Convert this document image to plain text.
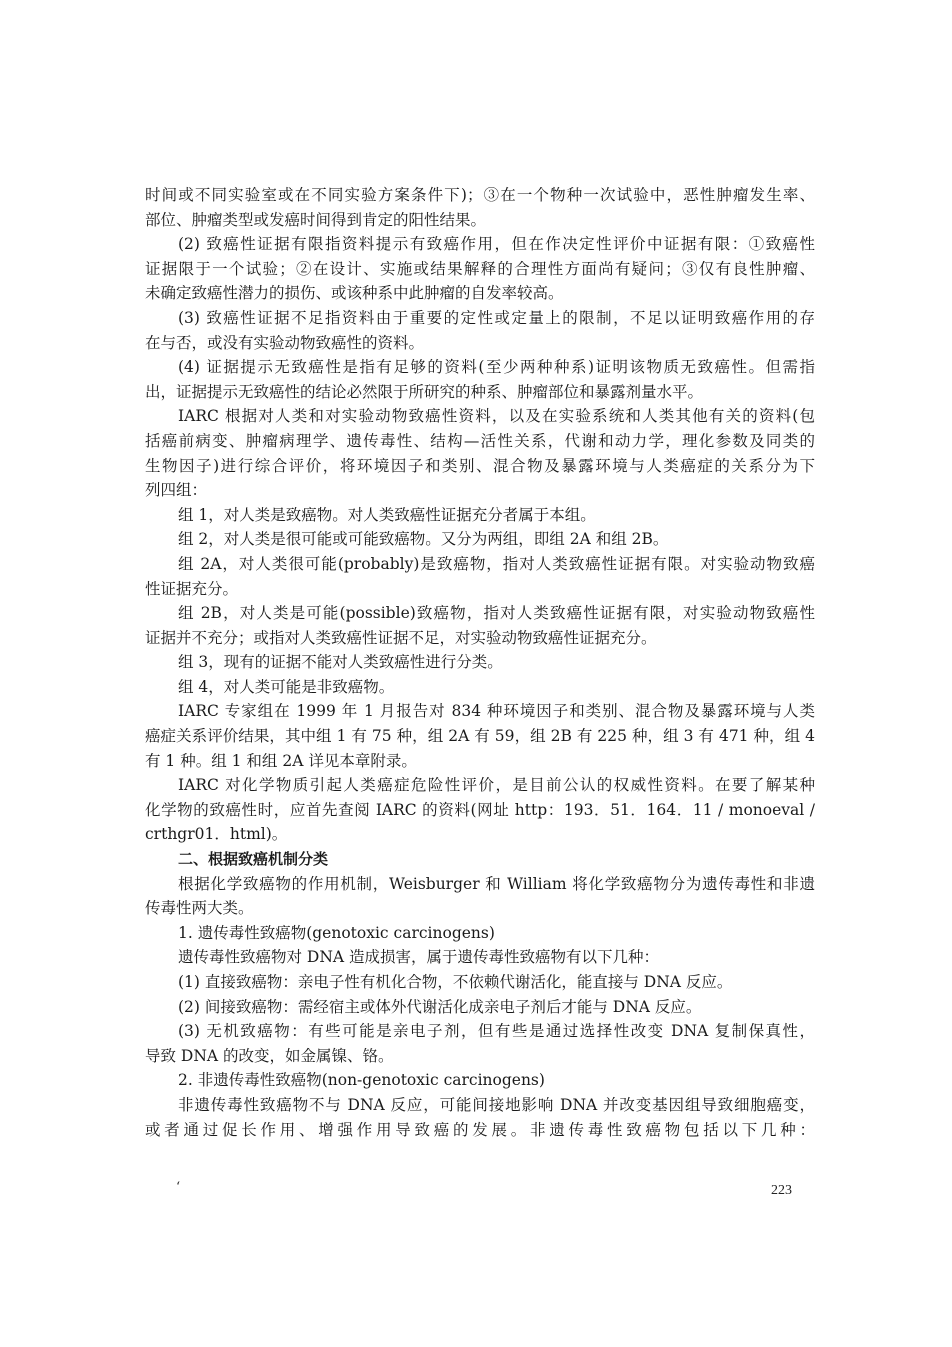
时间或不同实验室或在不同实验方案条件下)；③在一个物种一次试验中，恶性肿瘤发生率、
部位、肿瘤类型或发癌时间得到肯定的阳性结果。
(2) 致癌性证据有限指资料提示有致癌作用，但在作决定性评价中证据有限：①致癌性
证据限于一个试验；②在设计、实施或结果解释的合理性方面尚有疑问；③仅有良性肿瘤、
未确定致癌性潜力的损伤、或该种系中此肿瘤的自发率较高。
(3) 致癌性证据不足指资料由于重要的定性或定量上的限制，不足以证明致癌作用的存
在与否，或没有实验动物致癌性的资料。
(4) 证据提示无致癌性是指有足够的资料(至少两种种系)证明该物质无致癌性。但需指
出，证据提示无致癌性的结论必然限于所研究的种系、肿瘤部位和暴露剂量水平。
IARC 根据对人类和对实验动物致癌性资料，以及在实验系统和人类其他有关的资料(包
括癌前病变、肿瘤病理学、遗传毒性、结构—活性关系，代谢和动力学，理化参数及同类的
生物因子)进行综合评价，将环境因子和类别、混合物及暴露环境与人类癌症的关系分为下
列四组：
组 1，对人类是致癌物。对人类致癌性证据充分者属于本组。
组 2，对人类是很可能或可能致癌物。又分为两组，即组 2A 和组 2B。
组 2A，对人类很可能(probably)是致癌物，指对人类致癌性证据有限。对实验动物致癌
性证据充分。
组 2B，对人类是可能(possible)致癌物，指对人类致癌性证据有限，对实验动物致癌性
证据并不充分；或指对人类致癌性证据不足，对实验动物致癌性证据充分。
组 3，现有的证据不能对人类致癌性进行分类。
组 4，对人类可能是非致癌物。
IARC 专家组在 1999 年 1 月报告对 834 种环境因子和类别、混合物及暴露环境与人类
癌症关系评价结果，其中组 1 有 75 种，组 2A 有 59，组 2B 有 225 种，组 3 有 471 种，组 4
有 1 种。组 1 和组 2A 详见本章附录。
IARC 对化学物质引起人类癌症危险性评价，是目前公认的权威性资料。在要了解某种
化学物的致癌性时，应首先查阅 IARC 的资料(网址 http：193．51．164．11 / monoeval /
crthgr01．html)。
二、根据致癌机制分类
根据化学致癌物的作用机制，Weisburger 和 William 将化学致癌物分为遗传毒性和非遗
传毒性两大类。
1. 遗传毒性致癌物(genotoxic carcinogens)
遗传毒性致癌物对 DNA 造成损害，属于遗传毒性致癌物有以下几种：
(1) 直接致癌物：亲电子性有机化合物，不依赖代谢活化，能直接与 DNA 反应。
(2) 间接致癌物：需经宿主或体外代谢活化成亲电子剂后才能与 DNA 反应。
(3) 无机致癌物：有些可能是亲电子剂，但有些是通过选择性改变 DNA 复制保真性，
导致 DNA 的改变，如金属镍、铬。
2. 非遗传毒性致癌物(non-genotoxic carcinogens)
非遗传毒性致癌物不与 DNA 反应，可能间接地影响 DNA 并改变基因组导致细胞癌变，
或者通过促长作用、增强作用导致癌的发展。非遗传毒性致癌物包括以下几种：
‘	223
